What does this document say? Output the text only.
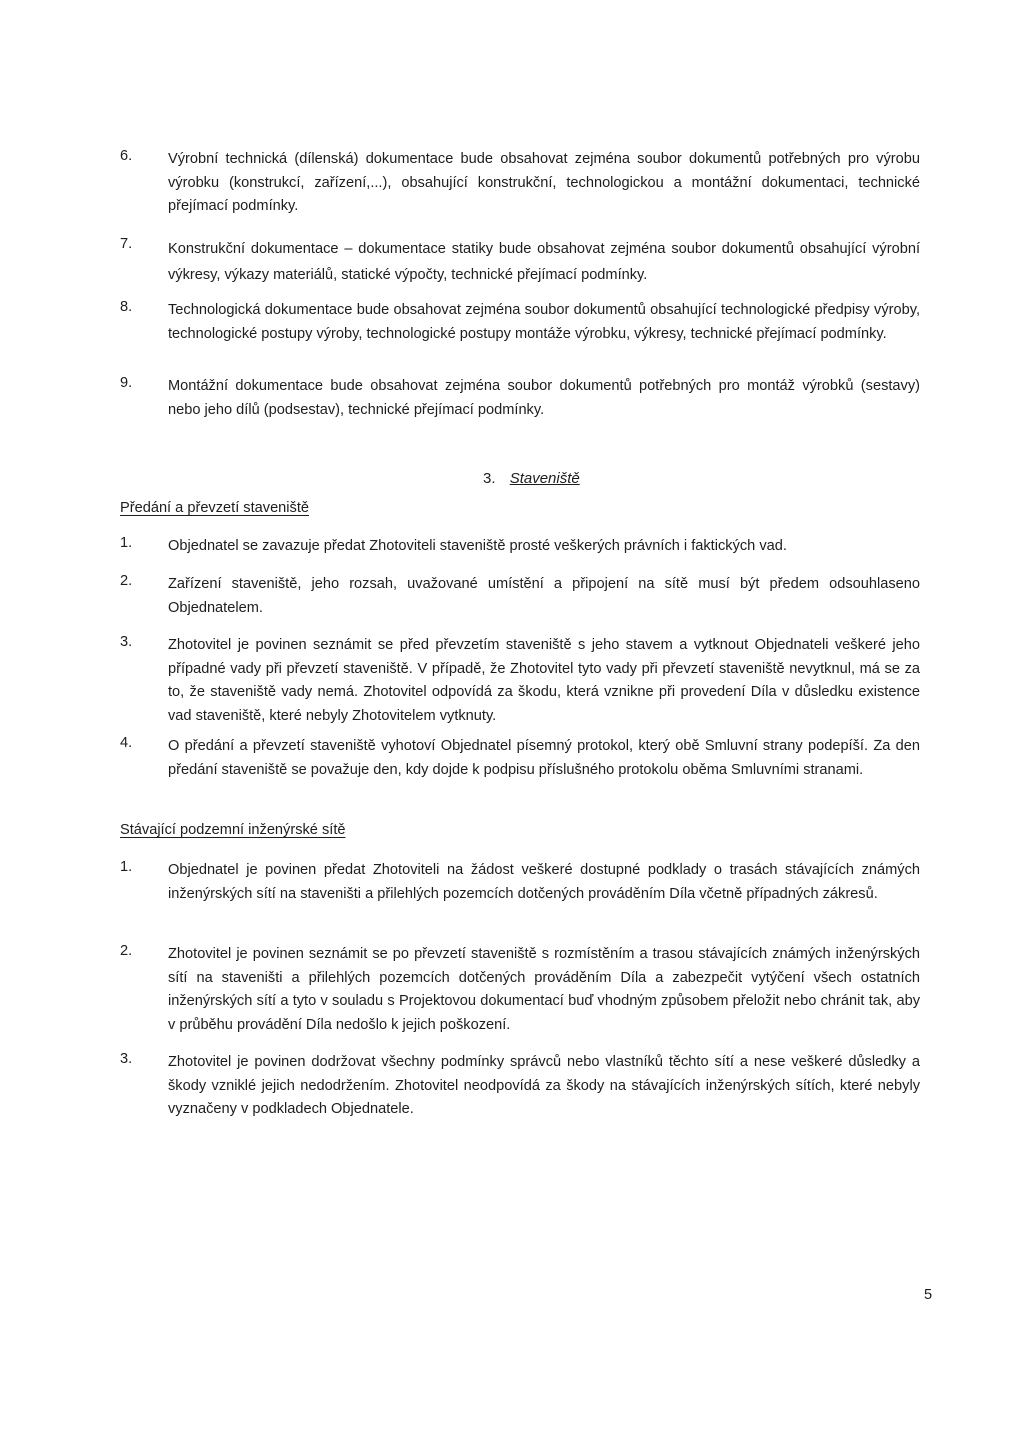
6.	Výrobní technická (dílenská) dokumentace bude obsahovat zejména soubor dokumentů potřebných pro výrobu výrobku (konstrukcí, zařízení,...), obsahující konstrukční, technologickou a montážní dokumentaci, technické přejímací podmínky.
7.	Konstrukční dokumentace – dokumentace statiky bude obsahovat zejména soubor dokumentů obsahující výrobní výkresy, výkazy materiálů, statické výpočty, technické přejímací podmínky.
8.	Technologická dokumentace bude obsahovat zejména soubor dokumentů obsahující technologické předpisy výroby, technologické postupy výroby, technologické postupy montáže výrobku, výkresy, technické přejímací podmínky.
9.	Montážní dokumentace bude obsahovat zejména soubor dokumentů potřebných pro montáž výrobků (sestavy) nebo jeho dílů (podsestav), technické přejímací podmínky.
3. Staveniště
Předání a převzetí staveniště
1.	Objednatel se zavazuje předat Zhotoviteli staveniště prosté veškerých právních i faktických vad.
2.	Zařízení staveniště, jeho rozsah, uvažované umístění a připojení na sítě musí být předem odsouhlaseno Objednatelem.
3.	Zhotovitel je povinen seznámit se před převzetím staveniště s jeho stavem a vytknout Objednateli veškeré jeho případné vady při převzetí staveniště. V případě, že Zhotovitel tyto vady při převzetí staveniště nevytknul, má se za to, že staveniště vady nemá. Zhotovitel odpovídá za škodu, která vznikne při provedení Díla v důsledku existence vad staveniště, které nebyly Zhotovitelem vytknuty.
4.	O předání a převzetí staveniště vyhotoví Objednatel písemný protokol, který obě Smluvní strany podepíší. Za den předání staveniště se považuje den, kdy dojde k podpisu příslušného protokolu oběma Smluvními stranami.
Stávající podzemní inženýrské sítě
1.	Objednatel je povinen předat Zhotoviteli na žádost veškeré dostupné podklady o trasách stávajících známých inženýrských sítí na staveništi a přilehlých pozemcích dotčených prováděním Díla včetně případných zákresů.
2.	Zhotovitel je povinen seznámit se po převzetí staveniště s rozmístěním a trasou stávajících známých inženýrských sítí na staveništi a přilehlých pozemcích dotčených prováděním Díla a zabezpečit vytýčení všech ostatních inženýrských sítí a tyto v souladu s Projektovou dokumentací buď vhodným způsobem přeložit nebo chránit tak, aby v průběhu provádění Díla nedošlo k jejich poškození.
3.	Zhotovitel je povinen dodržovat všechny podmínky správců nebo vlastníků těchto sítí a nese veškeré důsledky a škody vzniklé jejich nedodržením. Zhotovitel neodpovídá za škody na stávajících inženýrských sítích, které nebyly vyznačeny v podkladech Objednatele.
5
